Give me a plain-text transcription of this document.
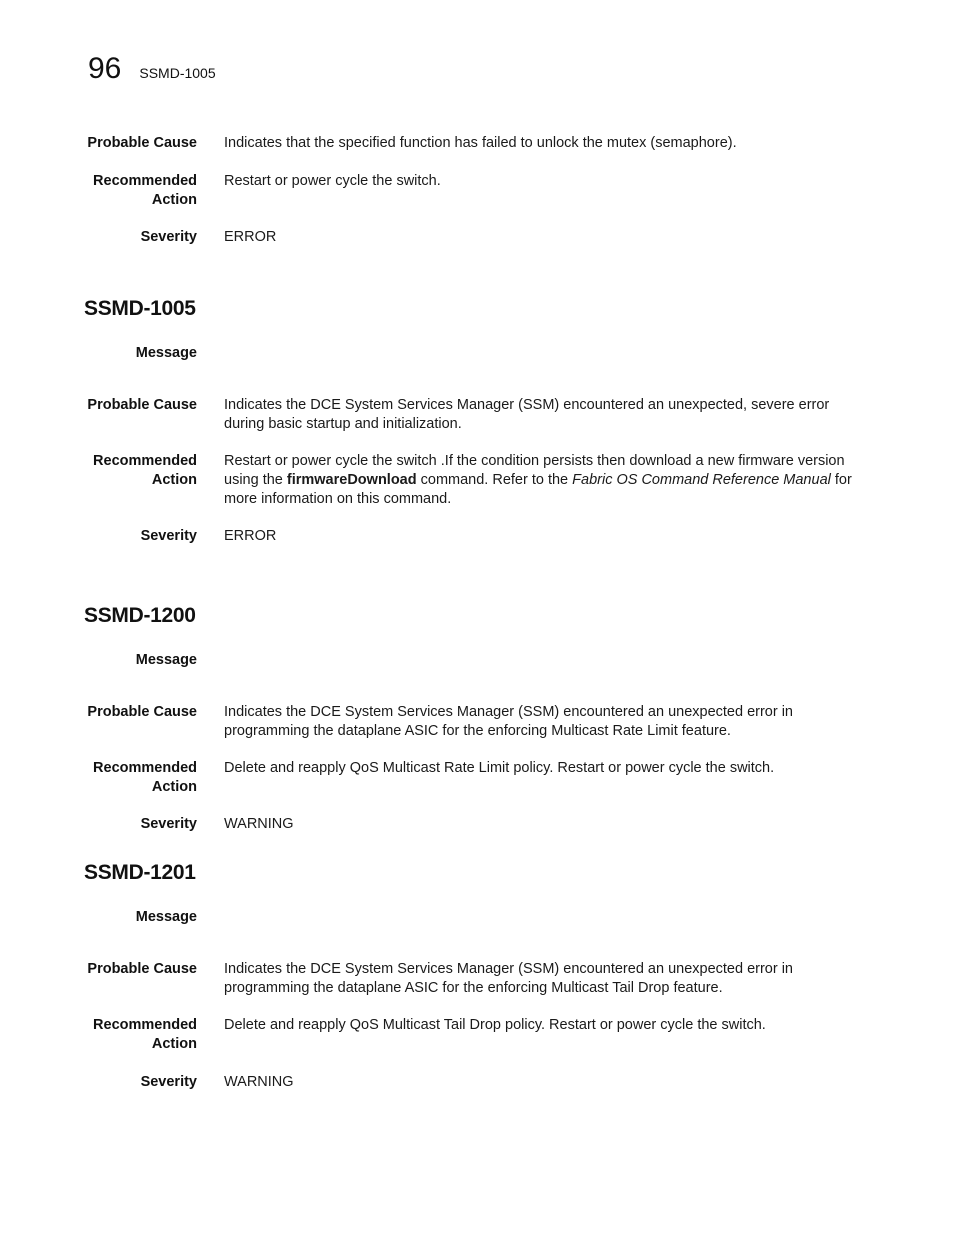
96 SSMD-1005
Probable Cause Indicates that the specified function has failed to unlock the mutex (semaphore).
Recommended
Action
Restart or power cycle the switch.
Severity ERROR
SSMD-1005
Message
Probable Cause Indicates the DCE System Services Manager (SSM) encountered an unexpected, severe error during basic startup and initialization.
Recommended
Action
Restart or power cycle the switch .If the condition persists then download a new firmware version using the firmwareDownload command. Refer to the Fabric OS Command Reference Manual for more information on this command.
Severity ERROR
SSMD-1200
Message
Probable Cause Indicates the DCE System Services Manager (SSM) encountered an unexpected error in programming the dataplane ASIC for the enforcing Multicast Rate Limit feature.
Recommended
Action
Delete and reapply QoS Multicast Rate Limit policy. Restart or power cycle the switch.
Severity WARNING
SSMD-1201
Message
Probable Cause Indicates the DCE System Services Manager (SSM) encountered an unexpected error in programming the dataplane ASIC for the enforcing Multicast Tail Drop feature.
Recommended
Action
Delete and reapply QoS Multicast Tail Drop policy. Restart or power cycle the switch.
Severity WARNING
